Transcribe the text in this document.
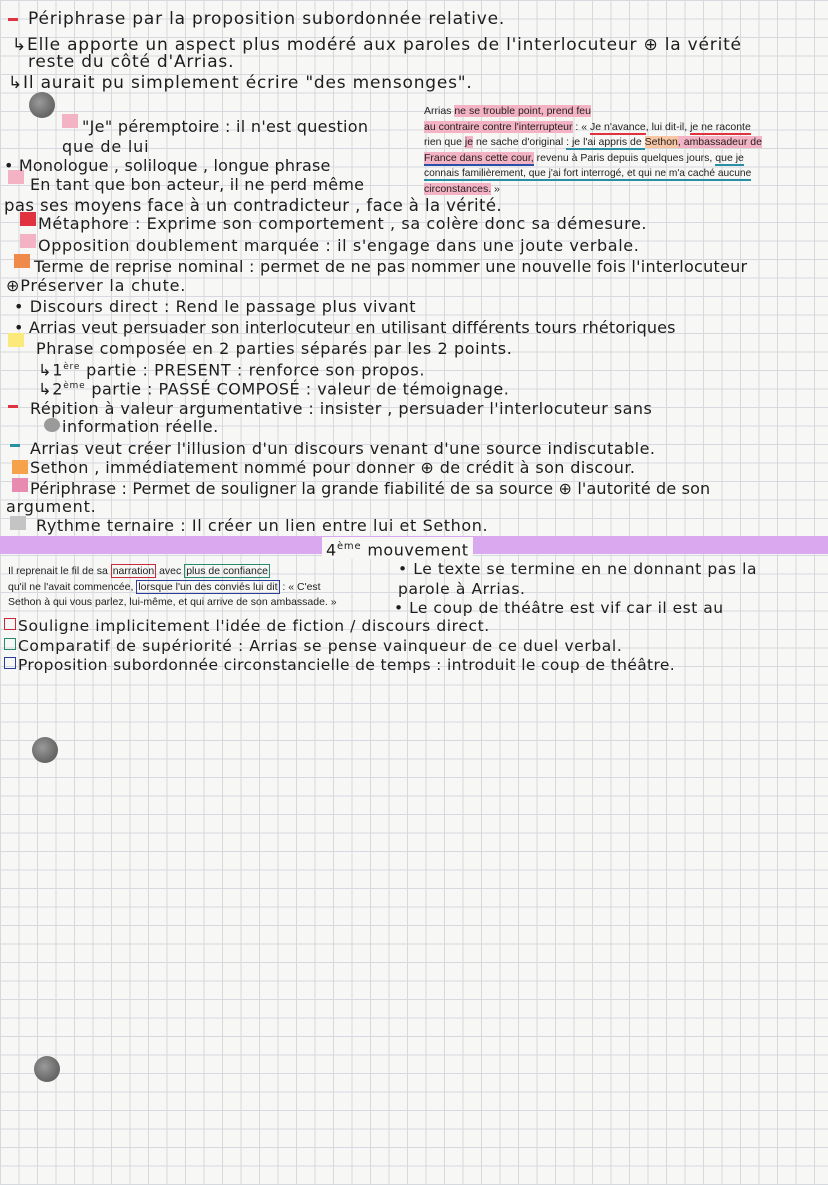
Périphrase par la proposition subordonnée relative.
↳Elle apporte un aspect plus modéré aux paroles de l'interlocuteur ⊕ la vérité
reste du côté d'Arrias.
↳Il aurait pu simplement écrire "des mensonges".
"Je" péremptoire : il n'est question
que de lui
• Monologue , soliloque , longue phrase
En tant que bon acteur, il ne perd même
pas ses moyens face à un contradicteur , face à la vérité.
Métaphore : Exprime son comportement , sa colère donc sa démesure.
Opposition doublement marquée : il s'engage dans une joute verbale.
Terme de reprise nominal : permet de ne pas nommer une nouvelle fois l'interlocuteur
⊕Préserver la chute.
• Discours direct : Rend le passage plus vivant
• Arrias veut persuader son interlocuteur en utilisant différents tours rhétoriques
Phrase composée en 2 parties séparés par les 2 points.
↳1ère partie : PRESENT : renforce son propos.
↳2ème partie : PASSÉ COMPOSÉ : valeur de témoignage.
Répition à valeur argumentative : insister , persuader l'interlocuteur sans
information réelle.
Arrias veut créer l'illusion d'un discours venant d'une source indiscutable.
Sethon , immédiatement nommé pour donner ⊕ de crédit à son discour.
Périphrase : Permet de souligner la grande fiabilité de sa source ⊕ l'autorité de son
argument.
Rythme ternaire : Il créer un lien entre lui et Sethon.
Arrias ne se trouble point, prend feu
au contraire contre l'interrupteur : « Je n'avance, lui dit-il, je ne raconte
rien que je ne sache d'original : je l'ai appris de Sethon, ambassadeur de
France dans cette cour, revenu à Paris depuis quelques jours, que je
connais familièrement, que j'ai fort interrogé, et qui ne m'a caché aucune
circonstances. »
4ème mouvement
Il reprenait le fil de sa narration avec plus de confiance
qu'il ne l'avait commencée, lorsque l'un des conviés lui dit : « C'est
Sethon à qui vous parlez, lui-même, et qui arrive de son ambassade. »
• Le texte se termine en ne donnant pas la
parole à Arrias.
• Le coup de théâtre est vif car il est au
Souligne implicitement l'idée de fiction / discours direct.
Comparatif de supériorité : Arrias se pense vainqueur de ce duel verbal.
Proposition subordonnée circonstancielle de temps : introduit le coup de théâtre.
